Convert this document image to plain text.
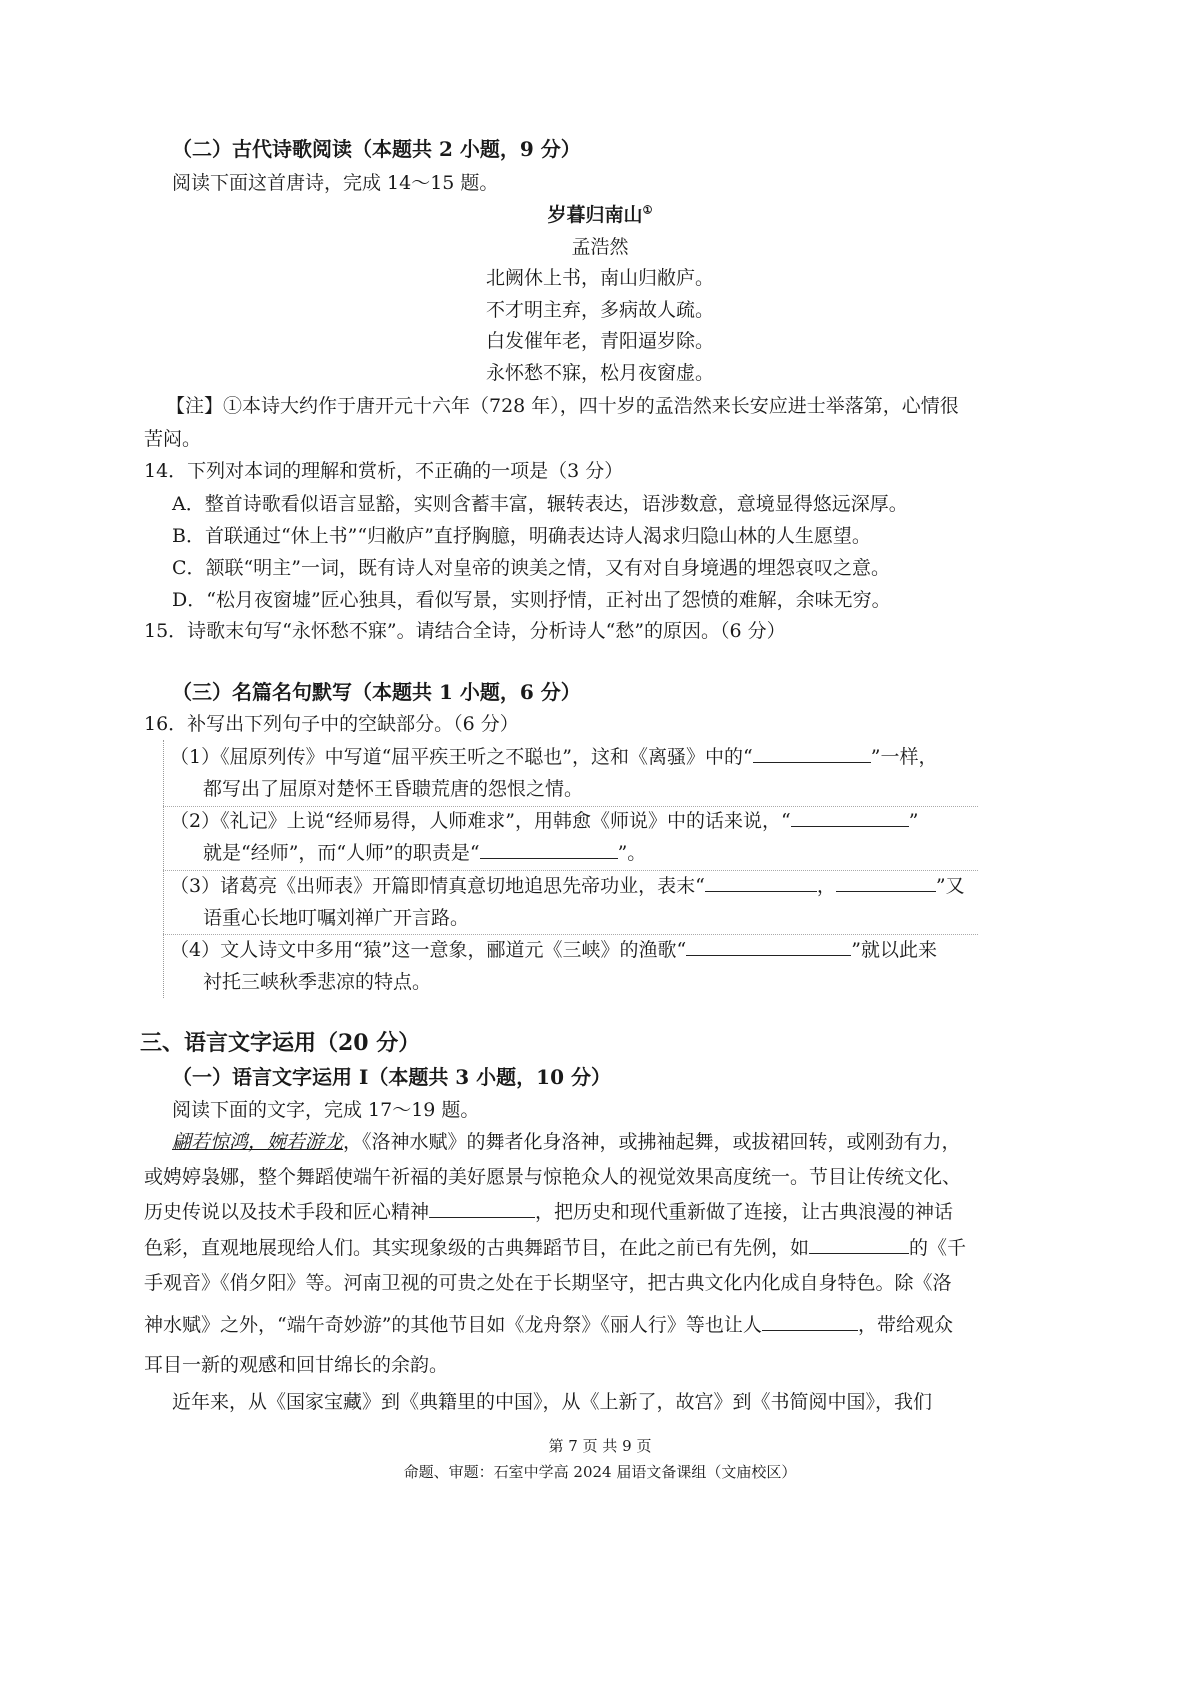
（二）古代诗歌阅读（本题共 2 小题，9 分）
阅读下面这首唐诗，完成 14～15 题。
岁暮归南山①
孟浩然
北阙休上书，南山归敝庐。
不才明主弃，多病故人疏。
白发催年老，青阳逼岁除。
永怀愁不寐，松月夜窗虚。
【注】①本诗大约作于唐开元十六年（728 年），四十岁的孟浩然来长安应进士举落第，心情很
苦闷。
14．下列对本词的理解和赏析，不正确的一项是（3 分）
A．整首诗歌看似语言显豁，实则含蓄丰富，辗转表达，语涉数意，意境显得悠远深厚。
B．首联通过“休上书”“归敝庐”直抒胸臆，明确表达诗人渴求归隐山林的人生愿望。
C．颔联“明主”一词，既有诗人对皇帝的谀美之情，又有对自身境遇的埋怨哀叹之意。
D．“松月夜窗墟”匠心独具，看似写景，实则抒情，正衬出了怨愤的难解，余味无穷。
15．诗歌末句写“永怀愁不寐”。请结合全诗，分析诗人“愁”的原因。（6 分）
（三）名篇名句默写（本题共 1 小题，6 分）
16．补写出下列句子中的空缺部分。（6 分）
（1）《屈原列传》中写道“屈平疾王听之不聪也”，这和《离骚》中的“	”一样，
都写出了屈原对楚怀王昏聩荒唐的怨恨之情。
（2）《礼记》上说“经师易得，人师难求”，用韩愈《师说》中的话来说，“	”
就是“经师”，而“人师”的职责是“	”。
（3）诸葛亮《出师表》开篇即情真意切地追思先帝功业，表末“	，	”又
语重心长地叮嘱刘禅广开言路。
（4）文人诗文中多用“猿”这一意象，郦道元《三峡》的渔歌“	”就以此来
衬托三峡秋季悲凉的特点。
三、语言文字运用（20 分）
（一）语言文字运用 I（本题共 3 小题，10 分）
阅读下面的文字，完成 17～19 题。
翩若惊鸿，婉若游龙，《洛神水赋》的舞者化身洛神，或拂袖起舞，或拔裙回转，或刚劲有力，
或娉婷袅娜，整个舞蹈使端午祈福的美好愿景与惊艳众人的视觉效果高度统一。节目让传统文化、
历史传说以及技术手段和匠心精神	，把历史和现代重新做了连接，让古典浪漫的神话
色彩，直观地展现给人们。其实现象级的古典舞蹈节目，在此之前已有先例，如	的《千
手观音》《俏夕阳》等。河南卫视的可贵之处在于长期坚守，把古典文化内化成自身特色。除《洛
神水赋》之外，“端午奇妙游”的其他节目如《龙舟祭》《丽人行》等也让人	，带给观众
耳目一新的观感和回甘绵长的余韵。
近年来，从《国家宝藏》到《典籍里的中国》，从《上新了，故宫》到《书简阅中国》，我们
第 7 页 共 9 页
命题、审题：石室中学高 2024 届语文备课组（文庙校区）
